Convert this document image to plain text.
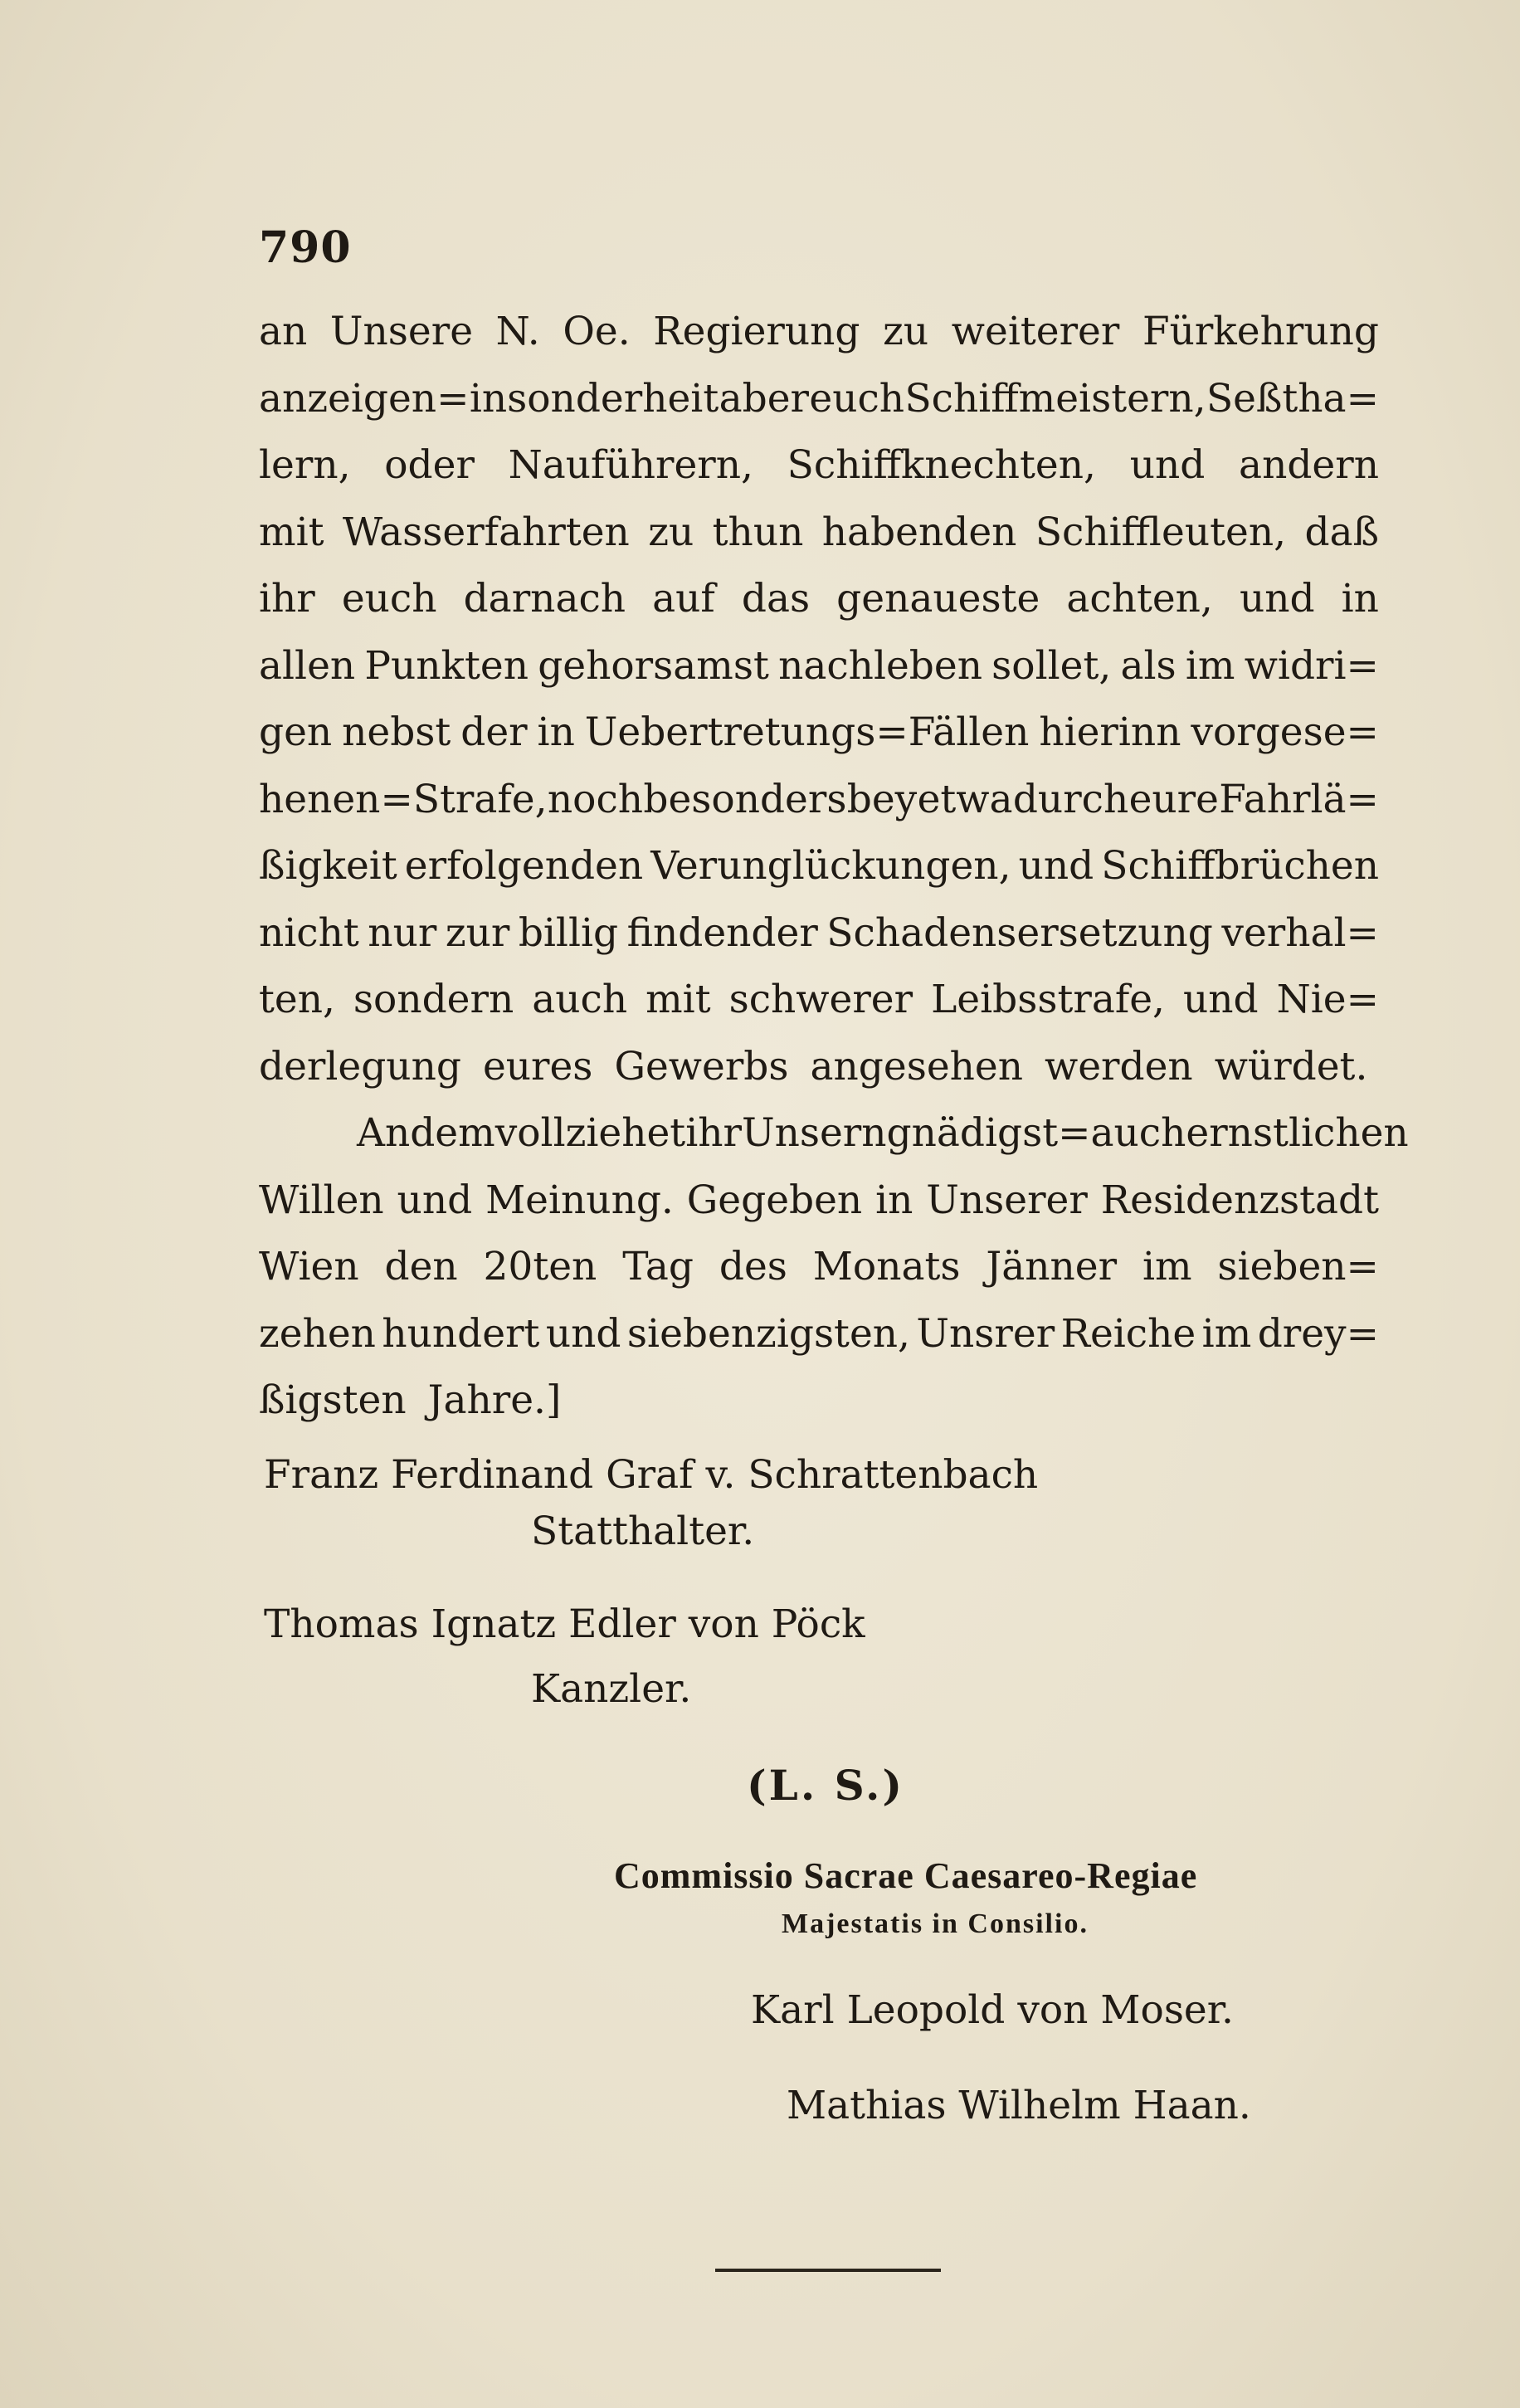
790
an Unsere N. Oe. Regierung zu weiterer Fürkehrung
anzeigen= insonderheit aber euch Schiffmeistern, Seßtha=
lern, oder Nauführern, Schiffknechten, und andern
mit Wasserfahrten zu thun habenden Schiffleuten, daß
ihr euch darnach auf das genaueste achten, und in
allen Punkten gehorsamst nachleben sollet, als im widri=
gen nebst der in Uebertretungs=Fällen hierinn vorgese=
henen=Strafe, noch besonders bey etwa durch eure Fahrlä=
ßigkeit erfolgenden Verunglückungen, und Schiffbrüchen
nicht nur zur billig findender Schadensersetzung verhal=
ten, sondern auch mit schwerer Leibsstrafe, und Nie=
derlegung eures Gewerbs angesehen werden würdet.
An dem vollziehet ihr Unsern gnädigst=auch ernstlichen
Willen und Meinung. Gegeben in Unserer Residenzstadt
Wien den 20ten Tag des Monats Jänner im sieben=
zehen hundert und siebenzigsten, Unsrer Reiche im drey=
ßigsten Jahre.]
Franz Ferdinand Graf v. Schrattenbach
Statthalter.
Thomas Ignatz Edler von Pöck
Kanzler.
(L. S.)
Commissio Sacrae Caesareo-Regiae
Majestatis in Consilio.
Karl Leopold von Moser.
Mathias Wilhelm Haan.
